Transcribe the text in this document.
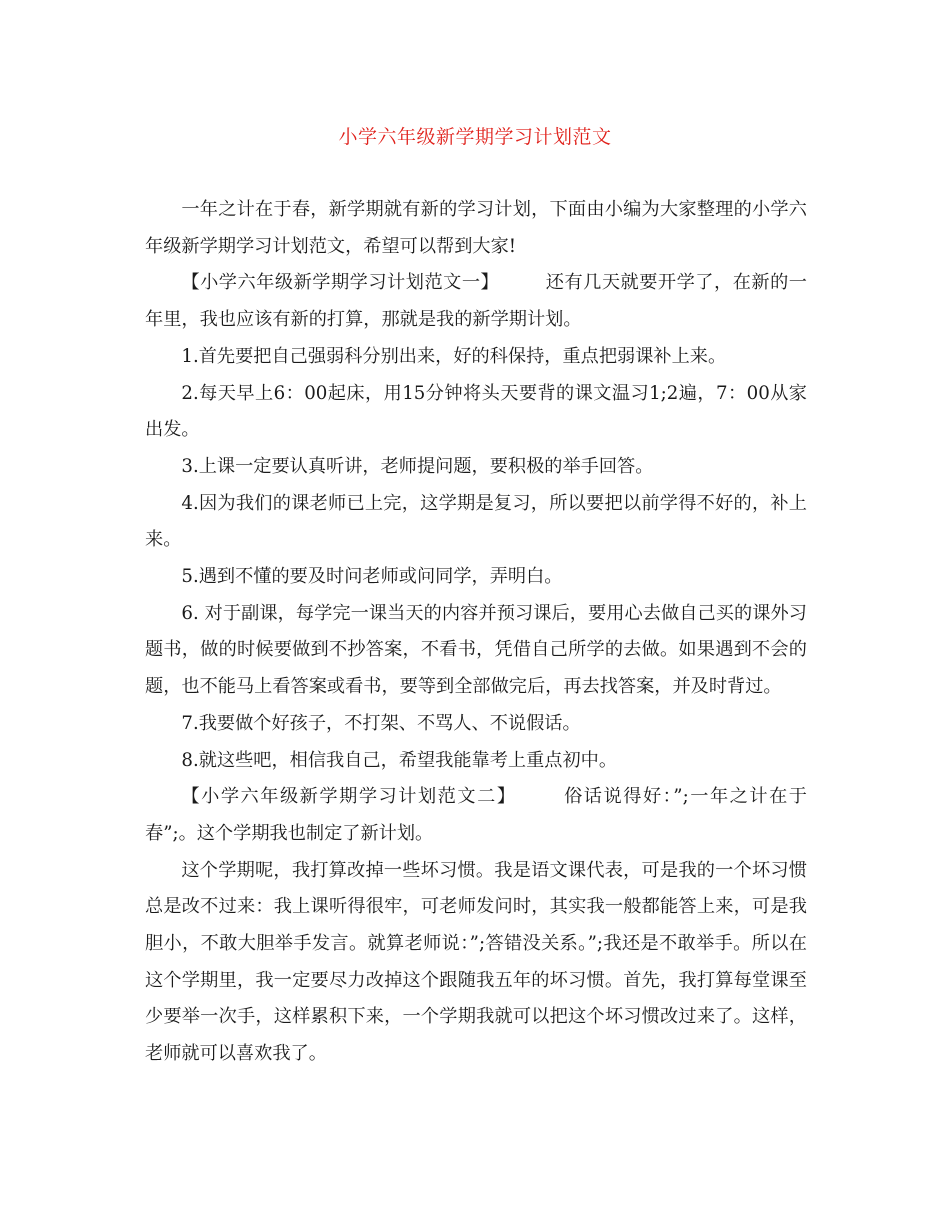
小学六年级新学期学习计划范文

一年之计在于春，新学期就有新的学习计划，下面由小编为大家整理的小学六年级新学期学习计划范文，希望可以帮到大家!

【小学六年级新学期学习计划范文一】	还有几天就要开学了，在新的一年里，我也应该有新的打算，那就是我的新学期计划。

1.首先要把自己强弱科分别出来，好的科保持，重点把弱课补上来。

2.每天早上6：00起床，用15分钟将头天要背的课文温习1;2遍，7：00从家出发。

3.上课一定要认真听讲，老师提问题，要积极的举手回答。

4.因为我们的课老师已上完，这学期是复习，所以要把以前学得不好的，补上来。

5.遇到不懂的要及时问老师或问同学，弄明白。

6. 对于副课，每学完一课当天的内容并预习课后，要用心去做自己买的课外习题书，做的时候要做到不抄答案，不看书，凭借自己所学的去做。如果遇到不会的题，也不能马上看答案或看书，要等到全部做完后，再去找答案，并及时背过。

7.我要做个好孩子，不打架、不骂人、不说假话。

8.就这些吧，相信我自己，希望我能靠考上重点初中。

【小学六年级新学期学习计划范文二】	俗话说得好：”;一年之计在于春”;。这个学期我也制定了新计划。

这个学期呢，我打算改掉一些坏习惯。我是语文课代表，可是我的一个坏习惯总是改不过来：我上课听得很牢，可老师发问时，其实我一般都能答上来，可是我胆小，不敢大胆举手发言。就算老师说：”;答错没关系。”;我还是不敢举手。所以在这个学期里，我一定要尽力改掉这个跟随我五年的坏习惯。首先，我打算每堂课至少要举一次手，这样累积下来，一个学期我就可以把这个坏习惯改过来了。这样，老师就可以喜欢我了。
